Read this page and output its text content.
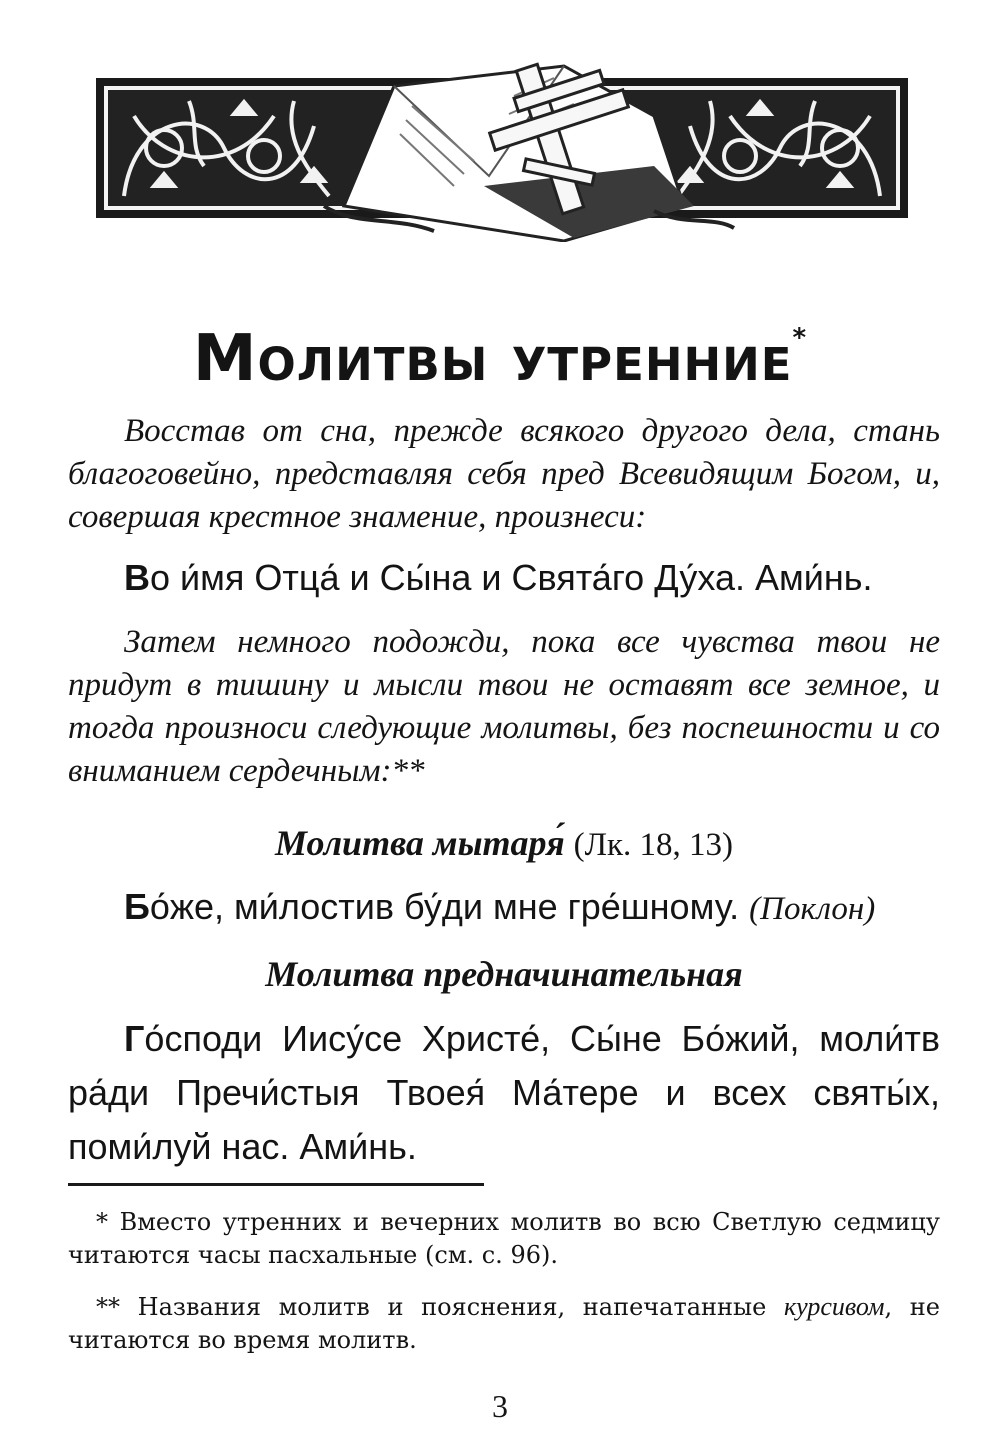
Молитвы утренние*

Восстав от сна, прежде всякого другого дела, стань благоговейно, представляя себя пред Всевидящим Богом, и, совершая крестное знамение, произнеси:

Во и́мя Отца́ и Сы́на и Свята́го Ду́ха. Ами́нь.

Затем немного подожди, пока все чувства твои не придут в тишину и мысли твои не оставят все земное, и тогда произноси следующие молитвы, без поспешности и со вниманием сердечным:**

Молитва мытаря́ (Лк. 18, 13)

Бо́же, ми́лостив бу́ди мне гре́шному. (Поклон)

Молитва предначинательная

Го́споди Иису́се Христе́, Сы́не Бо́жий, моли́тв ра́ди Пречи́стыя Твоея́ Ма́тере и всех святы́х, поми́луй нас. Ами́нь.

* Вместо утренних и вечерних молитв во всю Светлую седмицу читаются часы пасхальные (см. с. 96).

** Названия молитв и пояснения, напечатанные курсивом, не читаются во время молитв.

3
